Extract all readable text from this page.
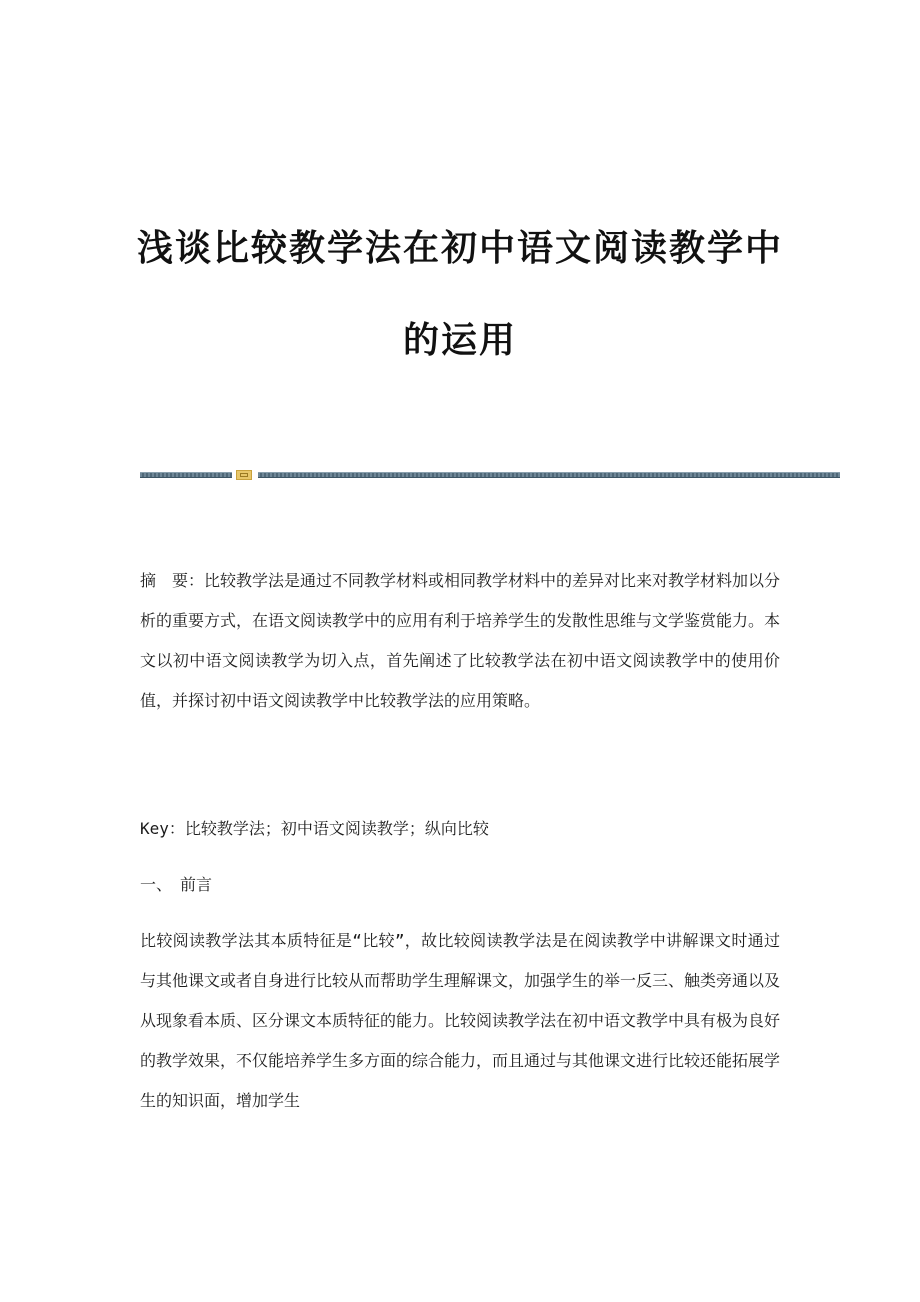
浅谈比较教学法在初中语文阅读教学中
的运用

摘　要：比较教学法是通过不同教学材料或相同教学材料中的差异对比来对教学材料加以分析的重要方式，在语文阅读教学中的应用有利于培养学生的发散性思维与文学鉴赏能力。本文以初中语文阅读教学为切入点，首先阐述了比较教学法在初中语文阅读教学中的使用价值，并探讨初中语文阅读教学中比较教学法的应用策略。

Key：比较教学法；初中语文阅读教学；纵向比较

一、　前言

比较阅读教学法其本质特征是“比较”，故比较阅读教学法是在阅读教学中讲解课文时通过与其他课文或者自身进行比较从而帮助学生理解课文，加强学生的举一反三、触类旁通以及从现象看本质、区分课文本质特征的能力。比较阅读教学法在初中语文教学中具有极为良好的教学效果，不仅能培养学生多方面的综合能力，而且通过与其他课文进行比较还能拓展学生的知识面，增加学生
